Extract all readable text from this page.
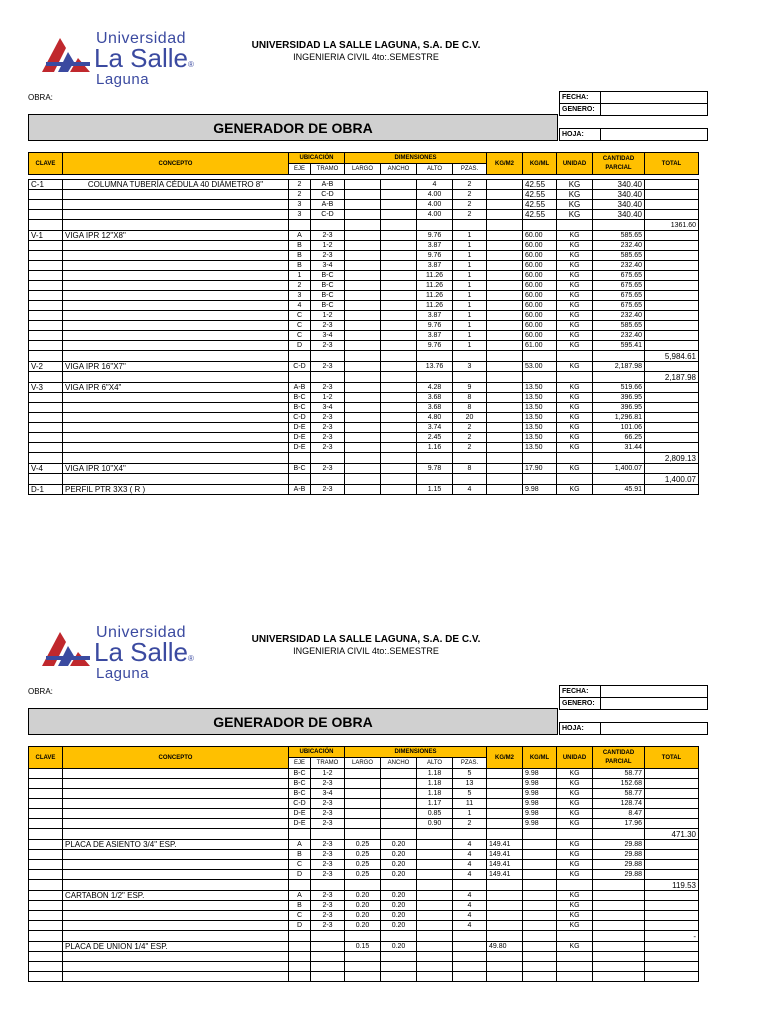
Universidad
La Salle®
Laguna
UNIVERSIDAD LA SALLE LAGUNA, S.A. DE C.V.
INGENIERIA CIVIL 4to:.SEMESTRE
OBRA:	FECHA:	
GENERO:	
GENERADOR DE OBRA	HOJA:	
CLAVE	CONCEPTO	UBICACIÓN		DIMENSIONES				KG/M2	KG/ML	UNIDAD	CANTIDAD PARCIAL	TOTAL
		EJE	TRAMO	LARGO	ANCHO	ALTO	PZAS.					

C-1	COLUMNA TUBERÍA CÉDULA 40 DIÁMETRO 8"	2	A-B			4	2		42.55	KG	340.40	
		2	C-D			4.00	2		42.55	KG	340.40	
		3	A-B			4.00	2		42.55	KG	340.40	
		3	C-D			4.00	2		42.55	KG	340.40	
												1361.60
V-1	VIGA IPR 12"X8"	A	2-3			9.76	1		60.00	KG	585.65	
		B	1-2			3.87	1		60.00	KG	232.40	
		B	2-3			9.76	1		60.00	KG	585.65	
		B	3-4			3.87	1		60.00	KG	232.40	
		1	B-C			11.26	1		60.00	KG	675.65	
		2	B-C			11.26	1		60.00	KG	675.65	
		3	B-C			11.26	1		60.00	KG	675.65	
		4	B-C			11.26	1		60.00	KG	675.65	
		C	1-2			3.87	1		60.00	KG	232.40	
		C	2-3			9.76	1		60.00	KG	585.65	
		C	3-4			3.87	1		60.00	KG	232.40	
		D	2-3			9.76	1		61.00	KG	595.41	
												5,984.61
V-2	VIGA IPR 16"X7"	C-D	2-3			13.76	3		53.00	KG	2,187.98	
												2,187.98
V-3	VIGA IPR 6"X4"	A-B	2-3			4.28	9		13.50	KG	519.66	
		B-C	1-2			3.68	8		13.50	KG	396.95	
		B-C	3-4			3.68	8		13.50	KG	396.95	
		C-D	2-3			4.80	20		13.50	KG	1,296.81	
		D-E	2-3			3.74	2		13.50	KG	101.06	
		D-E	2-3			2.45	2		13.50	KG	66.25	
		D-E	2-3			1.16	2		13.50	KG	31.44	
												2,809.13
V-4	VIGA IPR 10"X4"	B-C	2-3			9.78	8		17.90	KG	1,400.07	
												1,400.07
D-1	PERFIL PTR 3X3 ( R )	A-B	2-3			1.15	4		9.98	KG	45.91	
Universidad
La Salle®
Laguna
UNIVERSIDAD LA SALLE LAGUNA, S.A. DE C.V.
INGENIERIA CIVIL 4to:.SEMESTRE
OBRA:	FECHA:	
GENERO:	
GENERADOR DE OBRA	HOJA:	
CLAVE	CONCEPTO	UBICACIÓN		DIMENSIONES				KG/M2	KG/ML	UNIDAD	CANTIDAD PARCIAL	TOTAL
		EJE	TRAMO	LARGO	ANCHO	ALTO	PZAS.					
		B-C	1-2			1.18	5		9.98	KG	58.77	
		B-C	2-3			1.18	13		9.98	KG	152.68	
		B-C	3-4			1.18	5		9.98	KG	58.77	
		C-D	2-3			1.17	11		9.98	KG	128.74	
		D-E	2-3			0.85	1		9.98	KG	8.47	
		D-E	2-3			0.90	2		9.98	KG	17.96	
												471.30
	PLACA DE ASIENTO 3/4" ESP.	A	2-3	0.25	0.20		4	149.41		KG	29.88	
		B	2-3	0.25	0.20		4	149.41		KG	29.88	
		C	2-3	0.25	0.20		4	149.41		KG	29.88	
		D	2-3	0.25	0.20		4	149.41		KG	29.88	
												119.53
	CARTABON 1/2" ESP.	A	2-3	0.20	0.20		4			KG		
		B	2-3	0.20	0.20		4			KG		
		C	2-3	0.20	0.20		4			KG		
		D	2-3	0.20	0.20		4			KG		
												-
	PLACA DE UNION 1/4" ESP.			0.15	0.20			49.80		KG		
